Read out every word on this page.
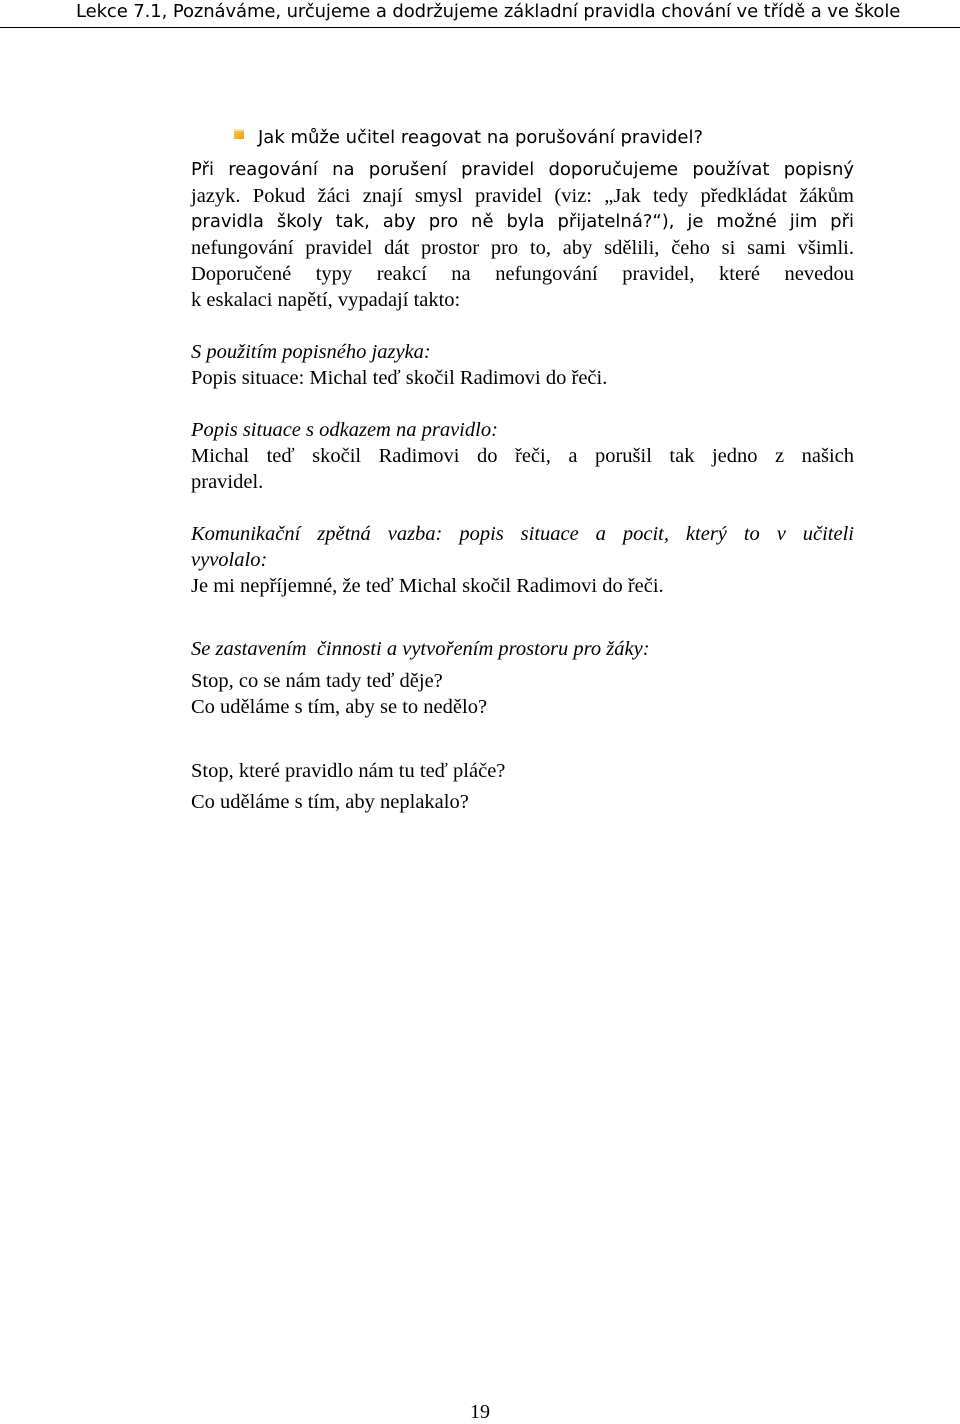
Lekce 7.1, Poznáváme, určujeme a dodržujeme základní pravidla chování ve třídě a ve škole
Jak může učitel reagovat na porušování pravidel?
Při reagování na porušení pravidel doporučujeme používat popisný
jazyk. Pokud žáci znají smysl pravidel (viz: „Jak tedy předkládat žákům
pravidla školy tak, aby pro ně byla přijatelná?“), je možné jim při
nefungování pravidel dát prostor pro to, aby sdělili, čeho si sami všimli.
Doporučené typy reakcí na nefungování pravidel, které nevedou
k eskalaci napětí, vypadají takto:
S použitím popisného jazyka:
Popis situace: Michal teď skočil Radimovi do řeči.
Popis situace s odkazem na pravidlo:
Michal teď skočil Radimovi do řeči, a porušil tak jedno z našich
pravidel.
Komunikační zpětná vazba: popis situace a pocit, který to v učiteli
vyvolalo:
Je mi nepříjemné, že teď Michal skočil Radimovi do řeči.
Se zastavením  činnosti a vytvořením prostoru pro žáky:
Stop, co se nám tady teď děje?
Co uděláme s tím, aby se to nedělo?
Stop, které pravidlo nám tu teď pláče?
Co uděláme s tím, aby neplakalo?
19
